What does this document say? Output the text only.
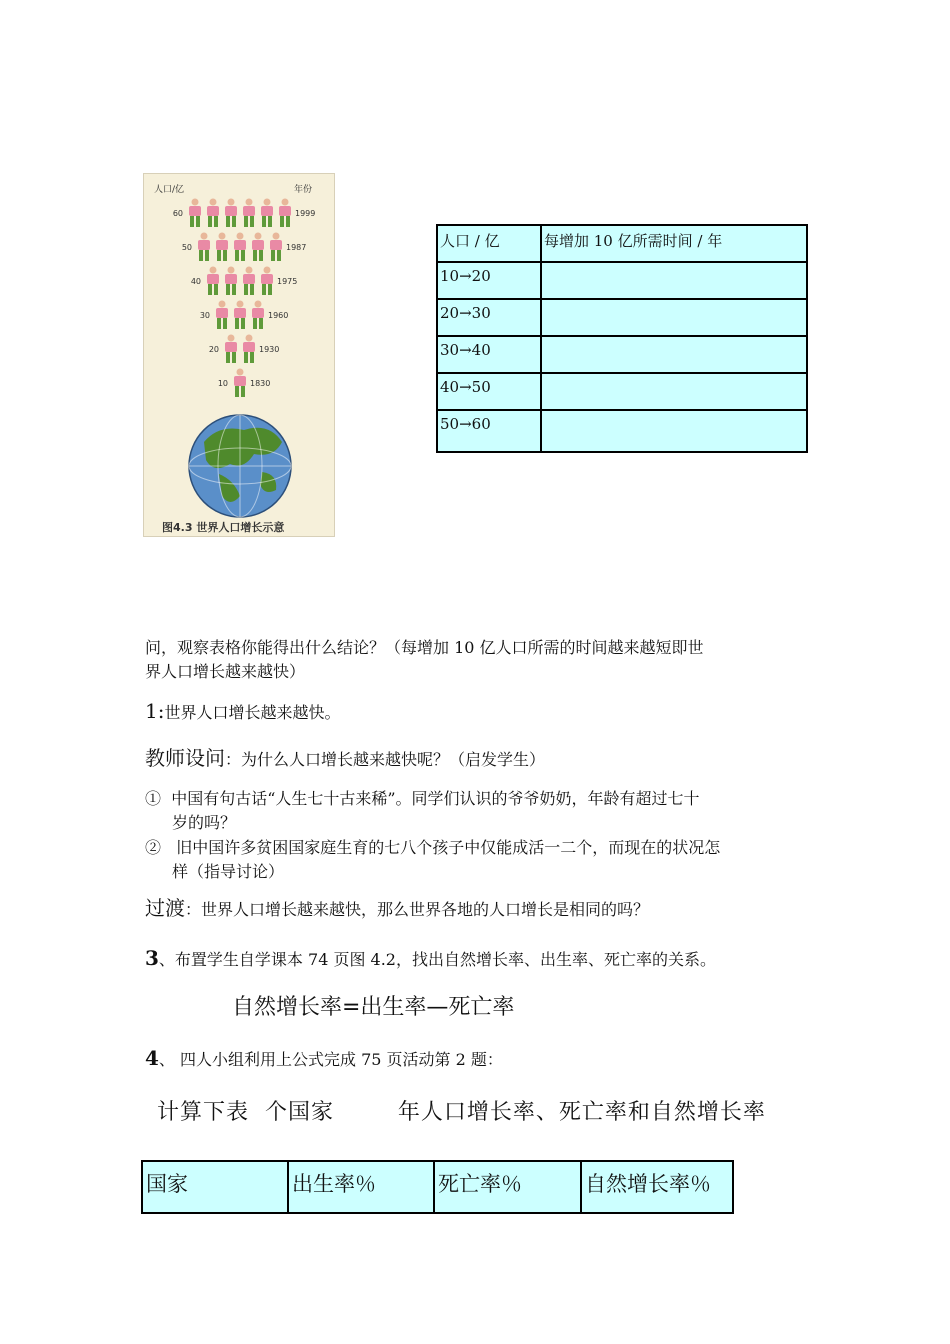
人口/亿	年份
60	1999
50	1987
40	1975
30	1960
20	1930
10	1830
图4.3 世界人口增长示意
人口 / 亿	每增加 10 亿所需时间 / 年
10→20	
20→30	
30→40	
40→50	
50→60	
问，观察表格你能得出什么结论？（每增加 10 亿人口所需的时间越来越短即世
界人口增长越来越快）
1:世界人口增长越来越快。
教师设问：为什么人口增长越来越快呢？（启发学生）
① 中国有句古话“人生七十古来稀”。同学们认识的爷爷奶奶，年龄有超过七十
岁的吗？
② 旧中国许多贫困国家庭生育的七八个孩子中仅能成活一二个，而现在的状况怎
样（指导讨论）
过渡：世界人口增长越来越快，那么世界各地的人口增长是相同的吗？
3、布置学生自学课本 74 页图 4.2，找出自然增长率、出生率、死亡率的关系。
自然增长率=出生率—死亡率
4、 四人小组利用上公式完成 75 页活动第 2 题：
计算下表  个国家        年人口增长率、死亡率和自然增长率
国家	出生率％	死亡率％	自然增长率％
